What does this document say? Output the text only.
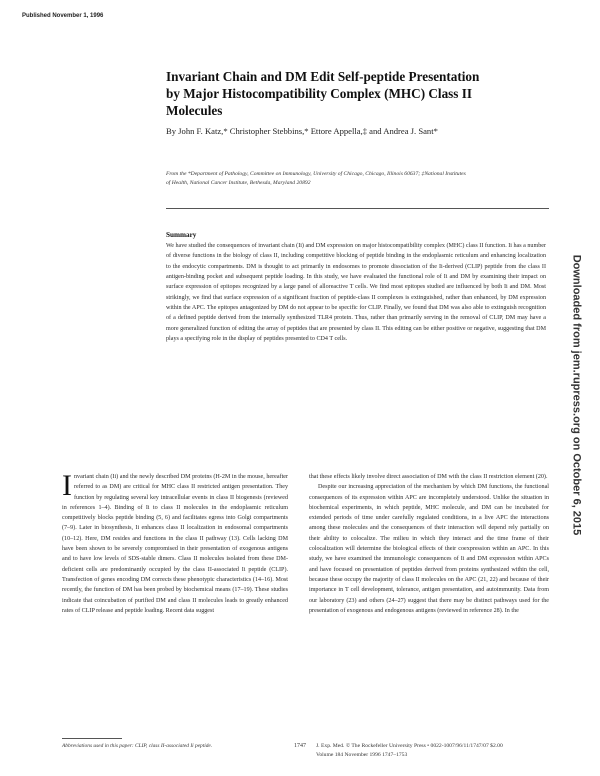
Published November 1, 1996
Downloaded from jem.rupress.org on October 6, 2015
Invariant Chain and DM Edit Self-peptide Presentation by Major Histocompatibility Complex (MHC) Class II Molecules
By John F. Katz,* Christopher Stebbins,* Ettore Appella,‡ and Andrea J. Sant*
From the *Department of Pathology, Committee on Immunology, University of Chicago, Chicago, Illinois 60637; ‡National Institutes of Health, National Cancer Institute, Bethesda, Maryland 20892
Summary

We have studied the consequences of invariant chain (Ii) and DM expression on major histocompatibility complex (MHC) class II function. Ii has a number of diverse functions in the biology of class II, including competitive blocking of peptide binding in the endoplasmic reticulum and enhancing localization to the endocytic compartments. DM is thought to act primarily in endosomes to promote dissociation of the Ii-derived (CLIP) peptide from the class II antigen-binding pocket and subsequent peptide loading. In this study, we have evaluated the functional role of Ii and DM by examining their impact on surface expression of epitopes recognized by a large panel of alloreactive T cells. We find most epitopes studied are influenced by both Ii and DM. Most strikingly, we find that surface expression of a significant fraction of peptide-class II complexes is extinguished, rather than enhanced, by DM expression within the APC. The epitopes antagonized by DM do not appear to be specific for CLIP. Finally, we found that DM was also able to extinguish recognition of a defined peptide derived from the internally synthesized TLR4 protein. Thus, rather than primarily serving in the removal of CLIP, DM may have a more generalized function of editing the array of peptides that are presented by class II. This editing can be either positive or negative, suggesting that DM plays a specifying role in the display of peptides presented to CD4 T cells.

Invariant chain (Ii) and the newly described DM proteins (H-2M in the mouse, hereafter referred to as DM) are critical for MHC class II restricted antigen presentation. They function by regulating several key intracellular events in class II biogenesis (reviewed in references 1–4). Binding of Ii to class II molecules in the endoplasmic reticulum competitively blocks peptide binding (5, 6) and facilitates egress into Golgi compartments (7–9). Later in biosynthesis, Ii enhances class II localization in endosomal compartments (10–12). Here, DM resides and functions in the class II pathway (13). Cells lacking DM have been shown to be severely compromised in their presentation of exogenous antigens and to have low levels of SDS-stable dimers. Class II molecules isolated from these DM-deficient cells are predominantly occupied by the class II-associated Ii peptide (CLIP). Transfection of genes encoding DM corrects these phenotypic characteristics (14–16). Most recently, the function of DM has been probed by biochemical means (17–19). These studies indicate that coincubation of purified DM and class II molecules leads to greatly enhanced rates of CLIP release and peptide loading. Recent data suggest

that these effects likely involve direct association of DM with the class II restriction element (20).

Despite our increasing appreciation of the mechanism by which DM functions, the functional consequences of its expression within APC are incompletely understood. Unlike the situation in biochemical experiments, in which peptide, MHC molecule, and DM can be incubated for extended periods of time under carefully regulated conditions, in a live APC the interactions among these molecules and the consequences of their interaction will depend rely partially on their ability to colocalize. The milieu in which they interact and the time frame of their colocalization will determine the biological effects of their coexpression within an APC. In this study, we have examined the immunologic consequences of Ii and DM expression within APCs and have focused on presentation of peptides derived from proteins synthesized within the cell, because these occupy the majority of class II molecules on the APC (21, 22) and because of their importance in T cell development, tolerance, antigen presentation, and autoimmunity. Data from our laboratory (23) and others (24–27) suggest that there may be distinct pathways used for the presentation of exogenous and endogenous antigens (reviewed in reference 28). In the

Abbreviations used in this paper: CLIP, class II-associated Ii peptide.	1747 J. Exp. Med. © The Rockefeller University Press • 0022-1007/96/11/1747/07 $2.00
Volume 184 November 1996 1747–1753
